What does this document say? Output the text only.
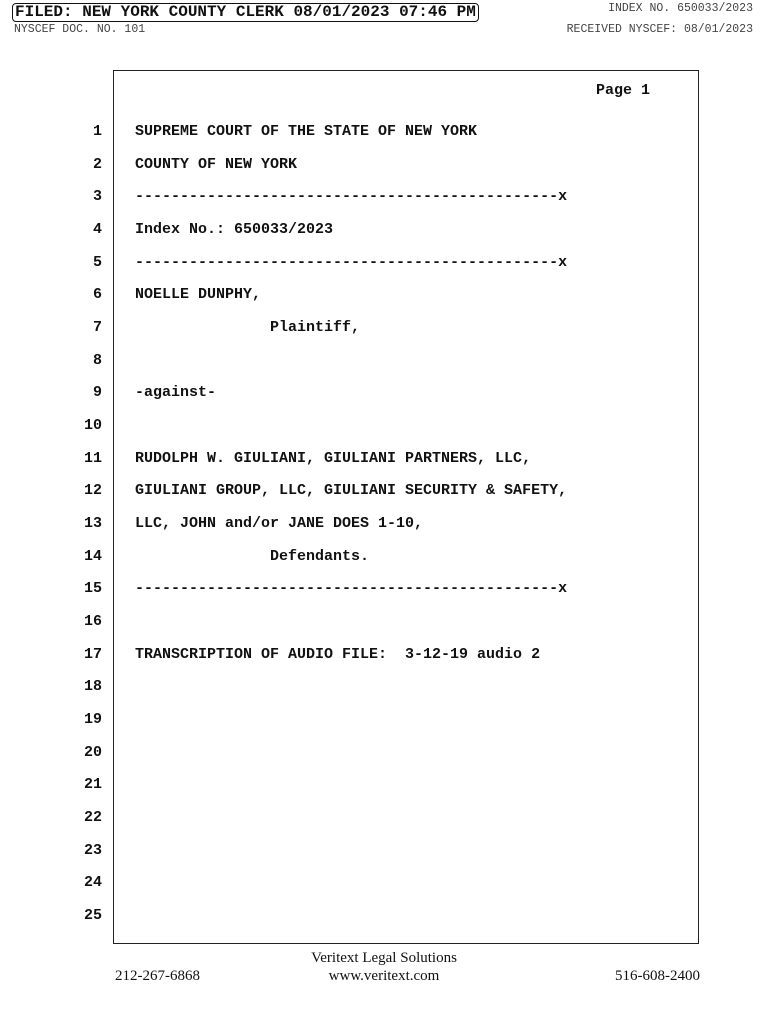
FILED: NEW YORK COUNTY CLERK 08/01/2023 07:46 PM	INDEX NO. 650033/2023
NYSCEF DOC. NO. 101	RECEIVED NYSCEF: 08/01/2023
Page 1
1 SUPREME COURT OF THE STATE OF NEW YORK
2 COUNTY OF NEW YORK
3 -----------------------------------------------x
4 Index No.: 650033/2023
5 -----------------------------------------------x
6 NOELLE DUNPHY,
7 Plaintiff,
8
9 -against-
10
11 RUDOLPH W. GIULIANI, GIULIANI PARTNERS, LLC,
12 GIULIANI GROUP, LLC, GIULIANI SECURITY & SAFETY,
13 LLC, JOHN and/or JANE DOES 1-10,
14 Defendants.
15 -----------------------------------------------x
16
17 TRANSCRIPTION OF AUDIO FILE:  3-12-19 audio 2
18
19
20
21
22
23
24
25
Veritext Legal Solutions
212-267-6868	www.veritext.com	516-608-2400
